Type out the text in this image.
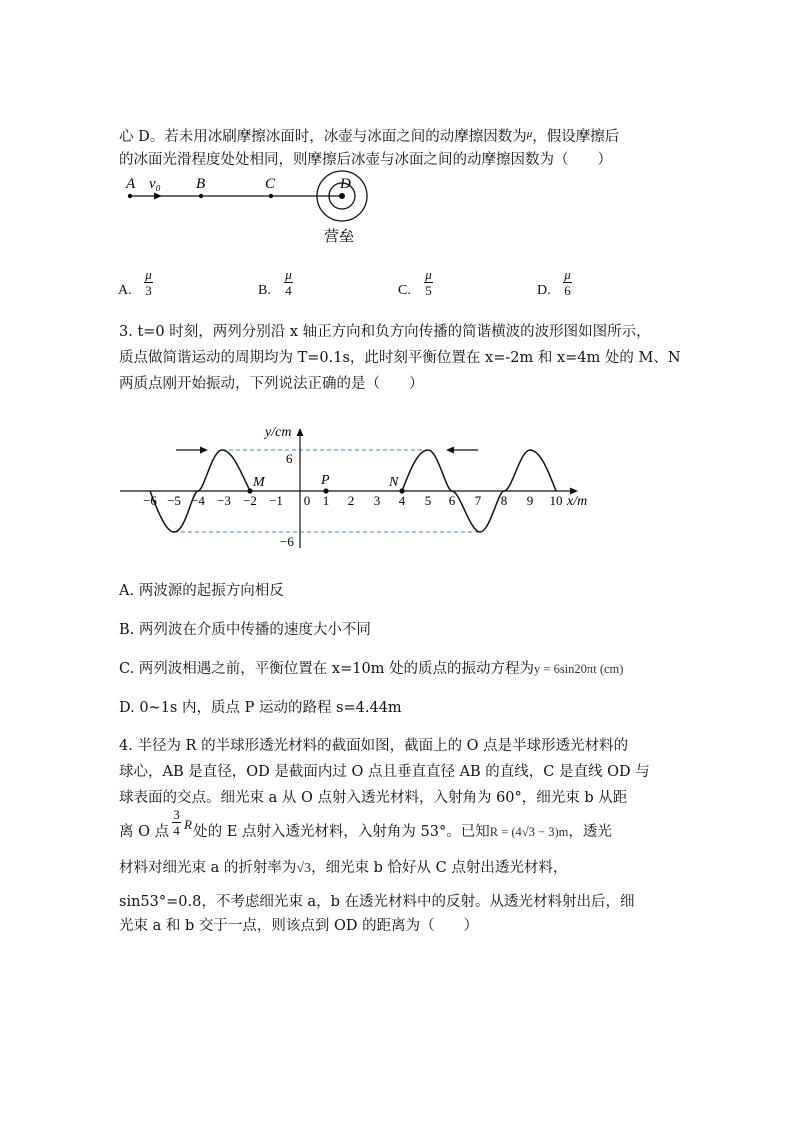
心 D。若未用冰刷摩擦冰面时，冰壶与冰面之间的动摩擦因数为$^\mu$，假设摩擦后
的冰面光滑程度处处相同，则摩擦后冰壶与冰面之间的动摩擦因数为（　　）
A v₀ B	C	D
营垒
A.
μ
3	B.
μ
4	C.
μ
5	D.
μ
6
3. t=0 时刻，两列分别沿 x 轴正方向和负方向传播的简谐横波的波形图如图所示，
质点做简谐运动的周期均为 T=0.1s，此时刻平衡位置在 x=-2m 和 x=4m 处的 M、N
两质点刚开始振动，下列说法正确的是（　　）
M	P	N
y/cm
x/m
6
−6
−6 −5 −4 −3 −2 −1 0 1 2 3 4 5 6 7 8 9 10
A. 两波源的起振方向相反
B. 两列波在介质中传播的速度大小不同
C. 两列波相遇之前，平衡位置在 x=10m 处的质点的振动方程为y = 6sin20πt (cm)
D. 0~1s 内，质点 P 运动的路程 s=4.44m
4. 半径为 R 的半球形透光材料的截面如图，截面上的 O 点是半球形透光材料的
球心，AB 是直径，OD 是截面内过 O 点且垂直直径 AB 的直线，C 是直线 OD 与
球表面的交点。细光束 a 从 O 点射入透光材料，入射角为 60°，细光束 b 从距
离 O 点 处的 E 点射入透光材料，入射角为 53°。已知R = (4√3 − 3)m，透光
3
4 R
材料对细光束 a 的折射率为√3，细光束 b 恰好从 C 点射出透光材料，
sin53°=0.8，不考虑细光束 a，b 在透光材料中的反射。从透光材料射出后，细
光束 a 和 b 交于一点，则该点到 OD 的距离为（　　）
